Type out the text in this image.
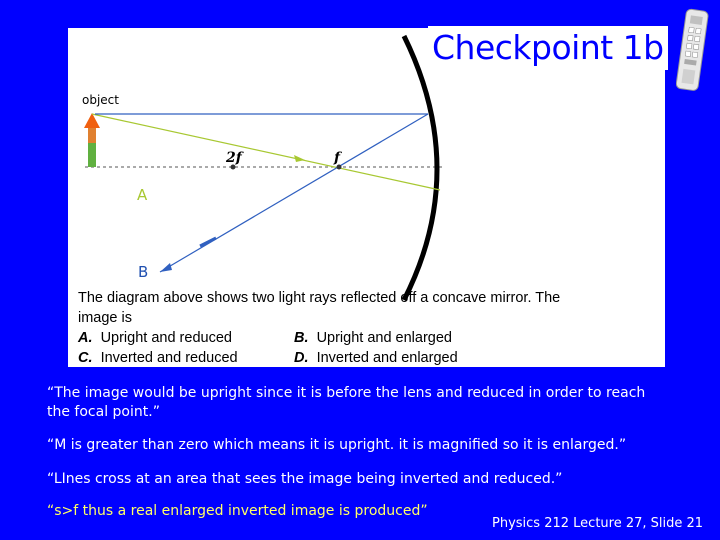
object
2f	f
A
B
Checkpoint 1b
The diagram above shows two light rays reflected off a concave mirror. The
image is
A. Upright and reduced	B. Upright and enlarged
C. Inverted and reduced	D. Inverted and enlarged
“The image would be upright since it is before the lens and reduced in order to reach
the focal point.”
“M is greater than zero which means it is upright. it is magnified so it is enlarged.”
“LInes cross at an area that sees the image being inverted and reduced.”
“s>f thus a real enlarged inverted image is produced”
Physics 212 Lecture 27, Slide 21
